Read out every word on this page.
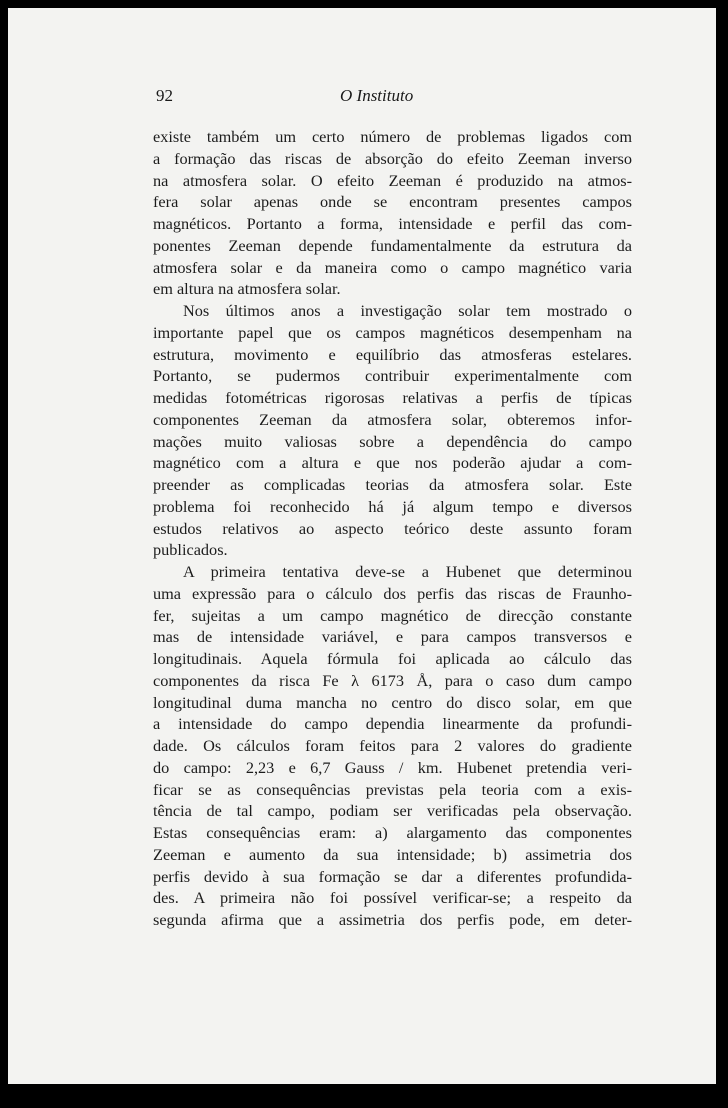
92	O Instituto
existe também um certo número de problemas ligados com
a formação das riscas de absorção do efeito Zeeman inverso
na atmosfera solar. O efeito Zeeman é produzido na atmos-
fera solar apenas onde se encontram presentes campos
magnéticos. Portanto a forma, intensidade e perfil das com-
ponentes Zeeman depende fundamentalmente da estrutura da
atmosfera solar e da maneira como o campo magnético varia
em altura na atmosfera solar.
Nos últimos anos a investigação solar tem mostrado o
importante papel que os campos magnéticos desempenham na
estrutura, movimento e equilíbrio das atmosferas estelares.
Portanto, se pudermos contribuir experimentalmente com
medidas fotométricas rigorosas relativas a perfis de típicas
componentes Zeeman da atmosfera solar, obteremos infor-
mações muito valiosas sobre a dependência do campo
magnético com a altura e que nos poderão ajudar a com-
preender as complicadas teorias da atmosfera solar. Este
problema foi reconhecido há já algum tempo e diversos
estudos relativos ao aspecto teórico deste assunto foram
publicados.
A primeira tentativa deve-se a Hubenet que determinou
uma expressão para o cálculo dos perfis das riscas de Fraunho-
fer, sujeitas a um campo magnético de direcção constante
mas de intensidade variável, e para campos transversos e
longitudinais. Aquela fórmula foi aplicada ao cálculo das
componentes da risca Fe λ 6173 Å, para o caso dum campo
longitudinal duma mancha no centro do disco solar, em que
a intensidade do campo dependia linearmente da profundi-
dade. Os cálculos foram feitos para 2 valores do gradiente
do campo: 2,23 e 6,7 Gauss / km. Hubenet pretendia veri-
ficar se as consequências previstas pela teoria com a exis-
tência de tal campo, podiam ser verificadas pela observação.
Estas consequências eram: a) alargamento das componentes
Zeeman e aumento da sua intensidade; b) assimetria dos
perfis devido à sua formação se dar a diferentes profundida-
des. A primeira não foi possível verificar-se; a respeito da
segunda afirma que a assimetria dos perfis pode, em deter-
